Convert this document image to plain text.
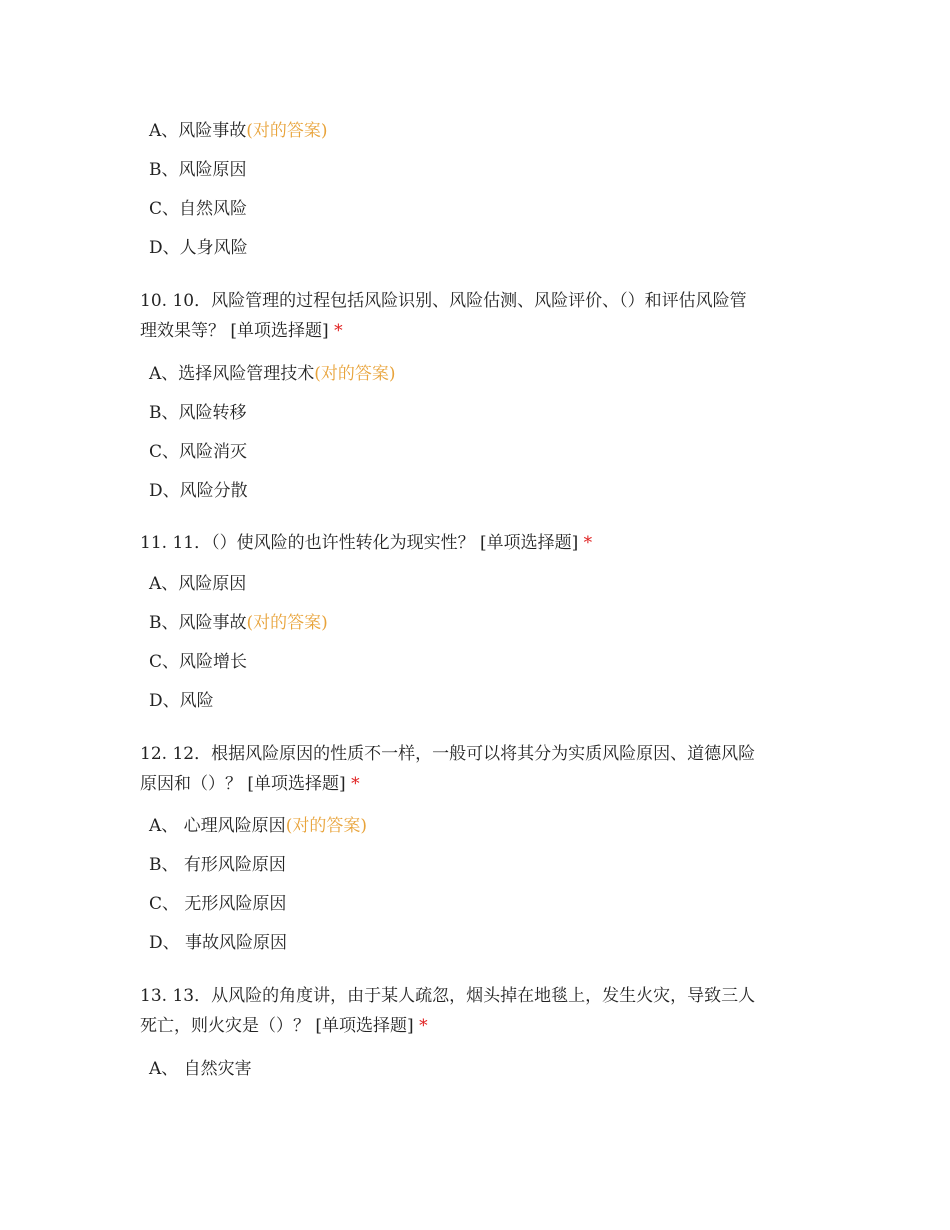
A、风险事故(对的答案)
B、风险原因
C、自然风险
D、人身风险
10. 10．风险管理的过程包括风险识别、风险估测、风险评价、（）和评估风险管
理效果等？ [单项选择题] *
A、选择风险管理技术(对的答案)
B、风险转移
C、风险消灭
D、风险分散
11. 11．（）使风险的也许性转化为现实性？ [单项选择题] *
A、风险原因
B、风险事故(对的答案)
C、风险增长
D、风险
12. 12．根据风险原因的性质不一样，一般可以将其分为实质风险原因、道德风险
原因和（）？ [单项选择题] *
A、 心理风险原因(对的答案)
B、 有形风险原因
C、 无形风险原因
D、 事故风险原因
13. 13．从风险的角度讲，由于某人疏忽，烟头掉在地毯上，发生火灾，导致三人
死亡，则火灾是（）？ [单项选择题] *
A、 自然灾害
